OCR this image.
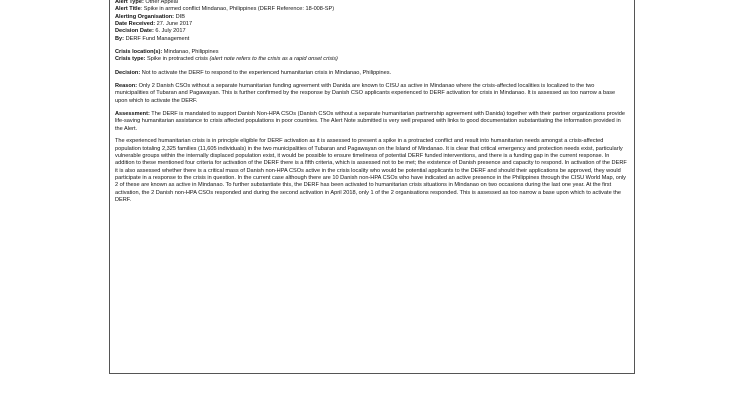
Alert Type: Other Appeal

Alert Title: Spike in armed conflict Mindanao, Philippines (DERF Reference: 18-008-SP)

Alerting Organisation: DIB

Date Received: 27. June 2017

Decision Date: 6. July 2017

By: DERF Fund Management

Crisis location(s): Mindanao, Philippines

Crisis type: Spike in protracted crisis (alert note refers to the crisis as a rapid onset crisis)

Decision: Not to activate the DERF to respond to the experienced humanitarian crisis in Mindanao, Philippines.

Reason: Only 2 Danish CSOs without a separate humanitarian funding agreement with Danida are known to CISU as active in Mindanao where the crisis-affected localities is localized to the two municipalities of Tubaran and Pagawayan. This is further confirmed by the response by Danish CSO applicants experienced to DERF activation for crisis in Mindanao. It is assessed as too narrow a base upon which to activate the DERF.

Assessment: The DERF is mandated to support Danish Non-HPA CSOs (Danish CSOs without a separate humanitarian partnership agreement with Danida) together with their partner organizations provide life-saving humanitarian assistance to crisis affected populations in poor countries. The Alert Note submitted is very well prepared with links to good documentation substantiating the information provided in the Alert.

The experienced humanitarian crisis is in principle eligible for DERF activation as it is assessed to present a spike in a protracted conflict and result into humanitarian needs amongst a crisis-affected population totaling 2,325 families (11,605 individuals) in the two municipalities of Tubaran and Pagawayan on the Island of Mindanao. It is clear that critical emergency and protection needs exist, particularly vulnerable groups within the internally displaced population exist, it would be possible to ensure timeliness of potential DERF funded interventions, and there is a funding gap in the current response. In addition to these mentioned four criteria for activation of the DERF there is a fifth criteria, which is assessed not to be met; the existence of Danish presence and capacity to respond. In activation of the DERF it is also assessed whether there is a critical mass of Danish non-HPA CSOs active in the crisis locality who would be potential applicants to the DERF and should their applications be approved, they would participate in a response to the crisis in question. In the current case although there are 10 Danish non-HPA CSOs who have indicated an active presence in the Philippines through the CISU World Map, only 2 of these are known as active in Mindanao. To further substantiate this, the DERF has been activated to humanitarian crisis situations in Mindanao on two occasions during the last one year. At the first activation, the 2 Danish non-HPA CSOs responded and during the second activation in April 2018, only 1 of the 2 organisations responded. This is assessed as too narrow a base upon which to activate the DERF.
